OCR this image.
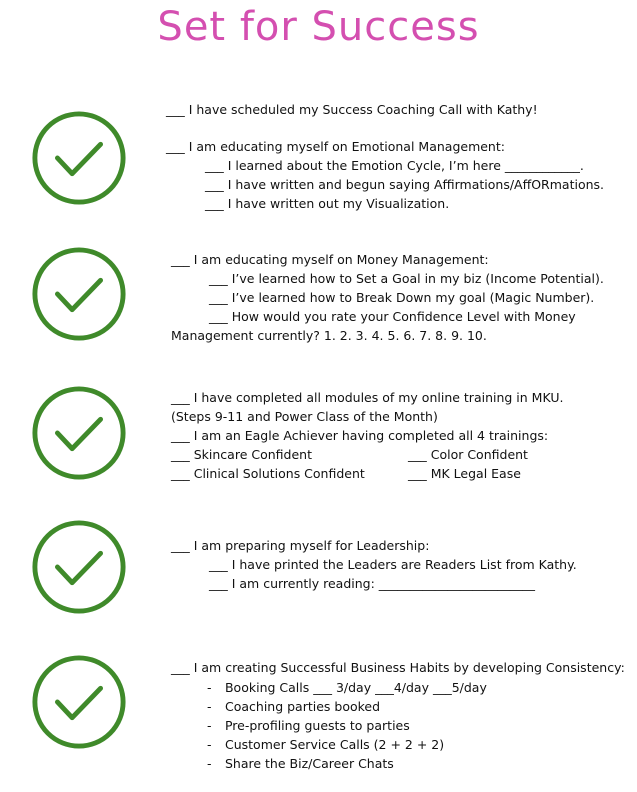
Set for Success
___ I have scheduled my Success Coaching Call with Kathy!
___ I am educating myself on Emotional Management:
___ I learned about the Emotion Cycle, I’m here ____________.
___ I have written and begun saying Affirmations/AffORmations.
___ I have written out my Visualization.
___ I am educating myself on Money Management:
___ I’ve learned how to Set a Goal in my biz (Income Potential).
___ I’ve learned how to Break Down my goal (Magic Number).
___ How would you rate your Confidence Level with Money
Management currently? 1. 2. 3. 4. 5. 6. 7. 8. 9. 10.
___ I have completed all modules of my online training in MKU.
(Steps 9-11 and Power Class of the Month)
___ I am an Eagle Achiever having completed all 4 trainings:
___ Skincare Confident	___ Color Confident
___ Clinical Solutions Confident	___ MK Legal Ease
___ I am preparing myself for Leadership:
___ I have printed the Leaders are Readers List from Kathy.
___ I am currently reading: _________________________
___ I am creating Successful Business Habits by developing Consistency:
- Booking Calls ___ 3/day ___4/day ___5/day
- Coaching parties booked
- Pre-profiling guests to parties
- Customer Service Calls (2 + 2 + 2)
- Share the Biz/Career Chats
